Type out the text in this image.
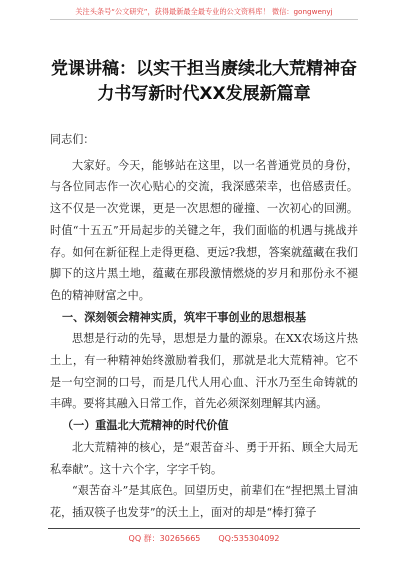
关注头条号“公文研究”，获得最新最全最专业的公文资料库！ 微信：gongwenyj
党课讲稿：以实干担当赓续北大荒精神奋力书写新时代XX发展新篇章

同志们：

大家好。今天，能够站在这里，以一名普通党员的身份，与各位同志作一次心贴心的交流，我深感荣幸，也倍感责任。这不仅是一次党课，更是一次思想的碰撞、一次初心的回溯。时值“十五五”开局起步的关键之年，我们面临的机遇与挑战并存。如何在新征程上走得更稳、更远?我想，答案就蕴藏在我们脚下的这片黑土地，蕴藏在那段激情燃烧的岁月和那份永不褪色的精神财富之中。

一、深刻领会精神实质，筑牢干事创业的思想根基

思想是行动的先导，思想是力量的源泉。在XX农场这片热土上，有一种精神始终激励着我们，那就是北大荒精神。它不是一句空洞的口号，而是几代人用心血、汗水乃至生命铸就的丰碑。要将其融入日常工作，首先必须深刻理解其内涵。

（一）重温北大荒精神的时代价值

北大荒精神的核心，是“艰苦奋斗、勇于开拓、顾全大局无私奉献”。这十六个字，字字千钧。

“艰苦奋斗”是其底色。回望历史，前辈们在“捏把黑土冒油花，插双筷子也发芽”的沃土上，面对的却是“棒打獐子

QQ 群：30265665 QQ:535304092
